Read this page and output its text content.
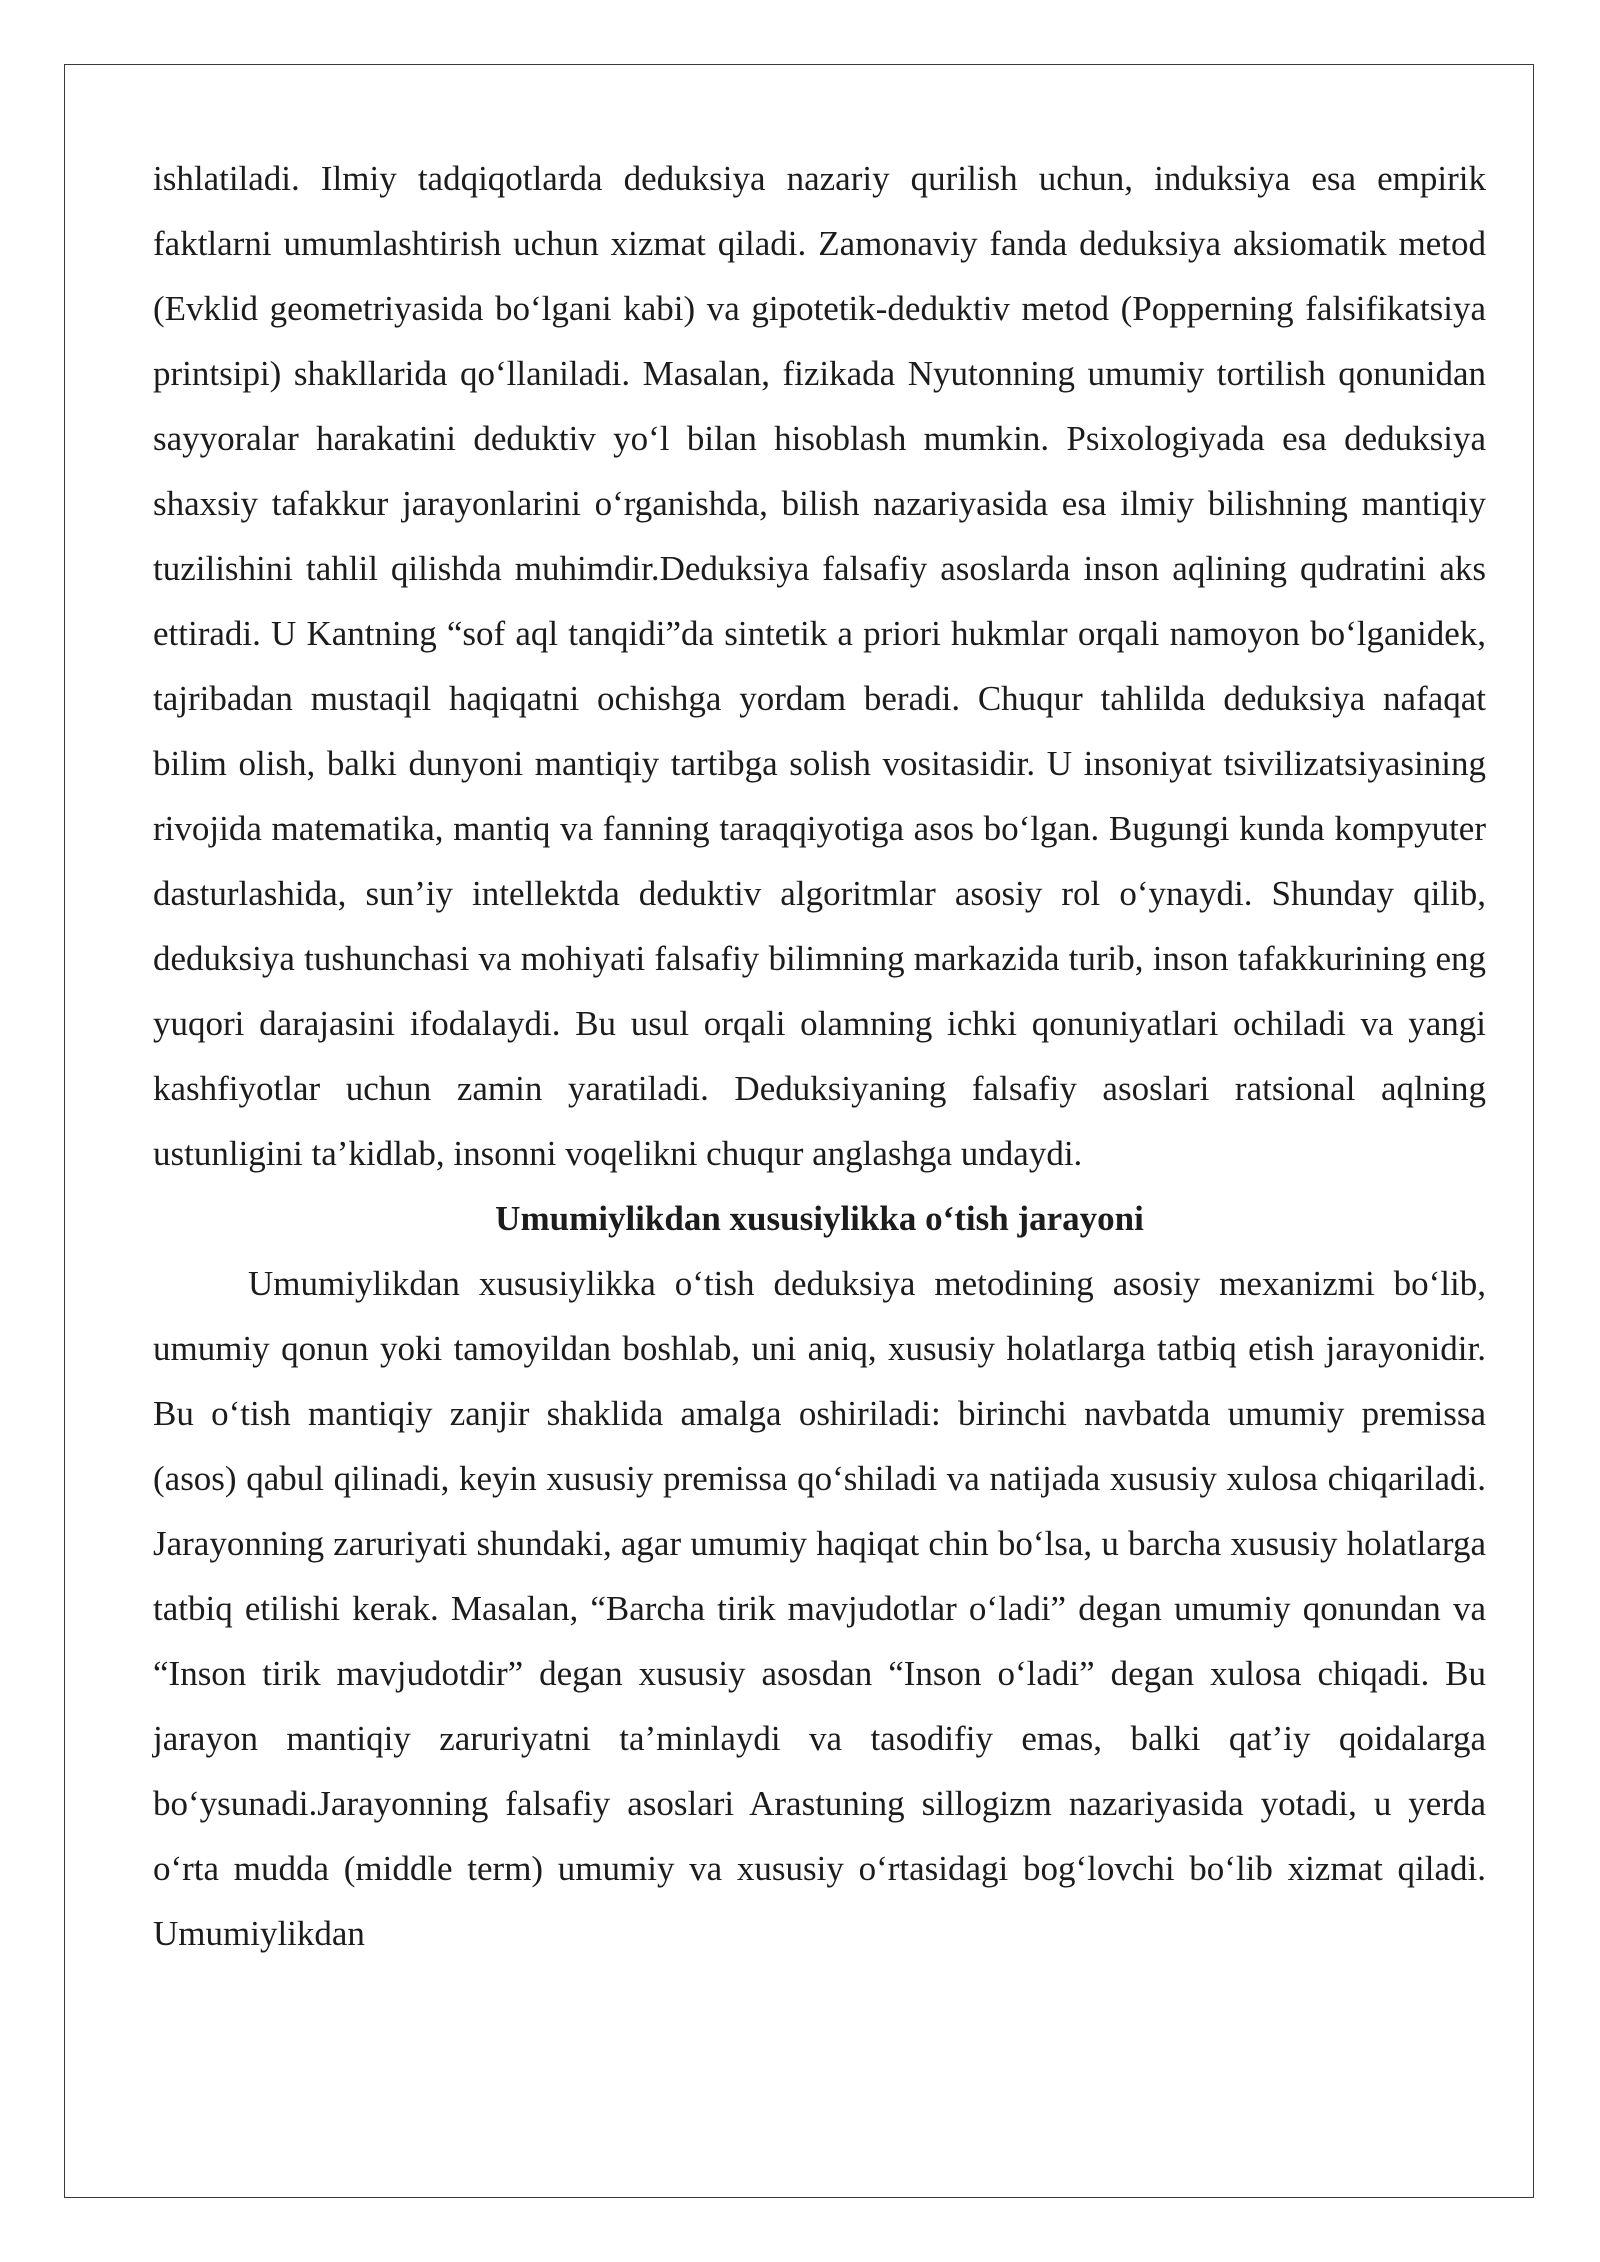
ishlatiladi. Ilmiy tadqiqotlarda deduksiya nazariy qurilish uchun, induksiya esa empirik faktlarni umumlashtirish uchun xizmat qiladi. Zamonaviy fanda deduksiya aksiomatik metod (Evklid geometriyasida bo‘lgani kabi) va gipotetik-deduktiv metod (Popperning falsifikatsiya printsipi) shakllarida qo‘llaniladi. Masalan, fizikada Nyutonning umumiy tortilish qonunidan sayyoralar harakatini deduktiv yo‘l bilan hisoblash mumkin. Psixologiyada esa deduksiya shaxsiy tafakkur jarayonlarini o‘rganishda, bilish nazariyasida esa ilmiy bilishning mantiqiy tuzilishini tahlil qilishda muhimdir.Deduksiya falsafiy asoslarda inson aqlining qudratini aks ettiradi. U Kantning “sof aql tanqidi”da sintetik a priori hukmlar orqali namoyon bo‘lganidek, tajribadan mustaqil haqiqatni ochishga yordam beradi. Chuqur tahlilda deduksiya nafaqat bilim olish, balki dunyoni mantiqiy tartibga solish vositasidir. U insoniyat tsivilizatsiyasining rivojida matematika, mantiq va fanning taraqqiyotiga asos bo‘lgan. Bugungi kunda kompyuter dasturlashida, sun’iy intellektda deduktiv algoritmlar asosiy rol o‘ynaydi. Shunday qilib, deduksiya tushunchasi va mohiyati falsafiy bilimning markazida turib, inson tafakkurining eng yuqori darajasini ifodalaydi. Bu usul orqali olamning ichki qonuniyatlari ochiladi va yangi kashfiyotlar uchun zamin yaratiladi. Deduksiyaning falsafiy asoslari ratsional aqlning ustunligini ta’kidlab, insonni voqelikni chuqur anglashga undaydi.

Umumiylikdan xususiylikka o‘tish jarayoni

Umumiylikdan xususiylikka o‘tish deduksiya metodining asosiy mexanizmi bo‘lib, umumiy qonun yoki tamoyildan boshlab, uni aniq, xususiy holatlarga tatbiq etish jarayonidir. Bu o‘tish mantiqiy zanjir shaklida amalga oshiriladi: birinchi navbatda umumiy premissa (asos) qabul qilinadi, keyin xususiy premissa qo‘shiladi va natijada xususiy xulosa chiqariladi. Jarayonning zaruriyati shundaki, agar umumiy haqiqat chin bo‘lsa, u barcha xususiy holatlarga tatbiq etilishi kerak. Masalan, “Barcha tirik mavjudotlar o‘ladi” degan umumiy qonundan va “Inson tirik mavjudotdir” degan xususiy asosdan “Inson o‘ladi” degan xulosa chiqadi. Bu jarayon mantiqiy zaruriyatni ta’minlaydi va tasodifiy emas, balki qat’iy qoidalarga bo‘ysunadi.Jarayonning falsafiy asoslari Arastuning sillogizm nazariyasida yotadi, u yerda o‘rta mudda (middle term) umumiy va xususiy o‘rtasidagi bog‘lovchi bo‘lib xizmat qiladi. Umumiylikdan
